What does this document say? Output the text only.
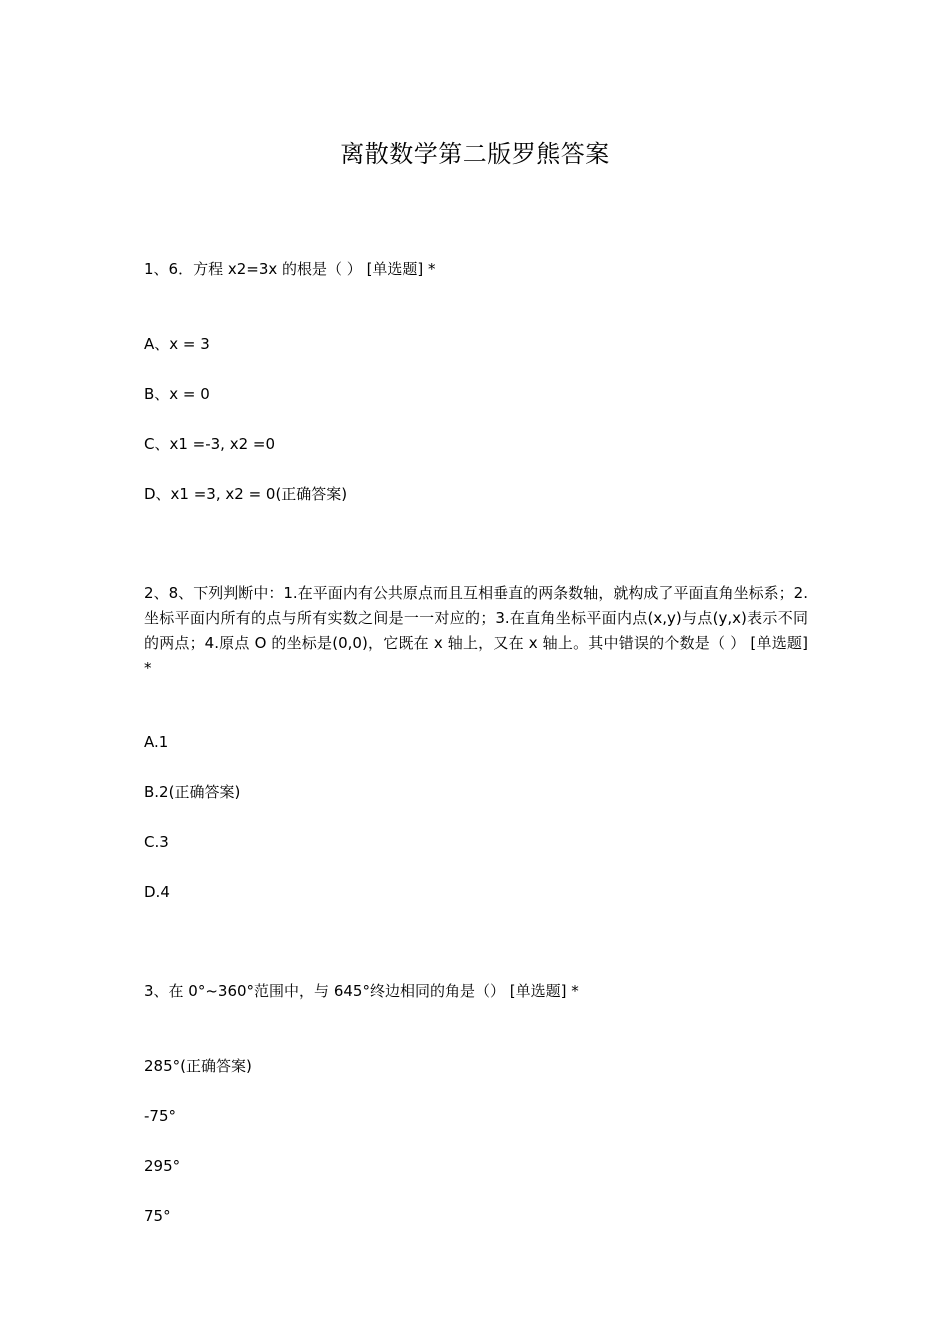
离散数学第二版罗熊答案
1、6．方程 x2=3x 的根是（ ） [单选题] *
A、x = 3
B、x = 0
C、x1 =-3, x2 =0
D、x1 =3, x2 = 0(正确答案)
2、8、下列判断中：1.在平面内有公共原点而且互相垂直的两条数轴，就构成了平面直角坐标系；2.坐标平面内所有的点与所有实数之间是一一对应的；3.在直角坐标平面内点(x,y)与点(y,x)表示不同的两点；4.原点 O 的坐标是(0,0)，它既在 x 轴上，又在 x 轴上。其中错误的个数是（ ） [单选题] *
A.1
B.2(正确答案)
C.3
D.4
3、在 0°~360°范围中，与 645°终边相同的角是（） [单选题] *
285°(正确答案)
-75°
295°
75°
